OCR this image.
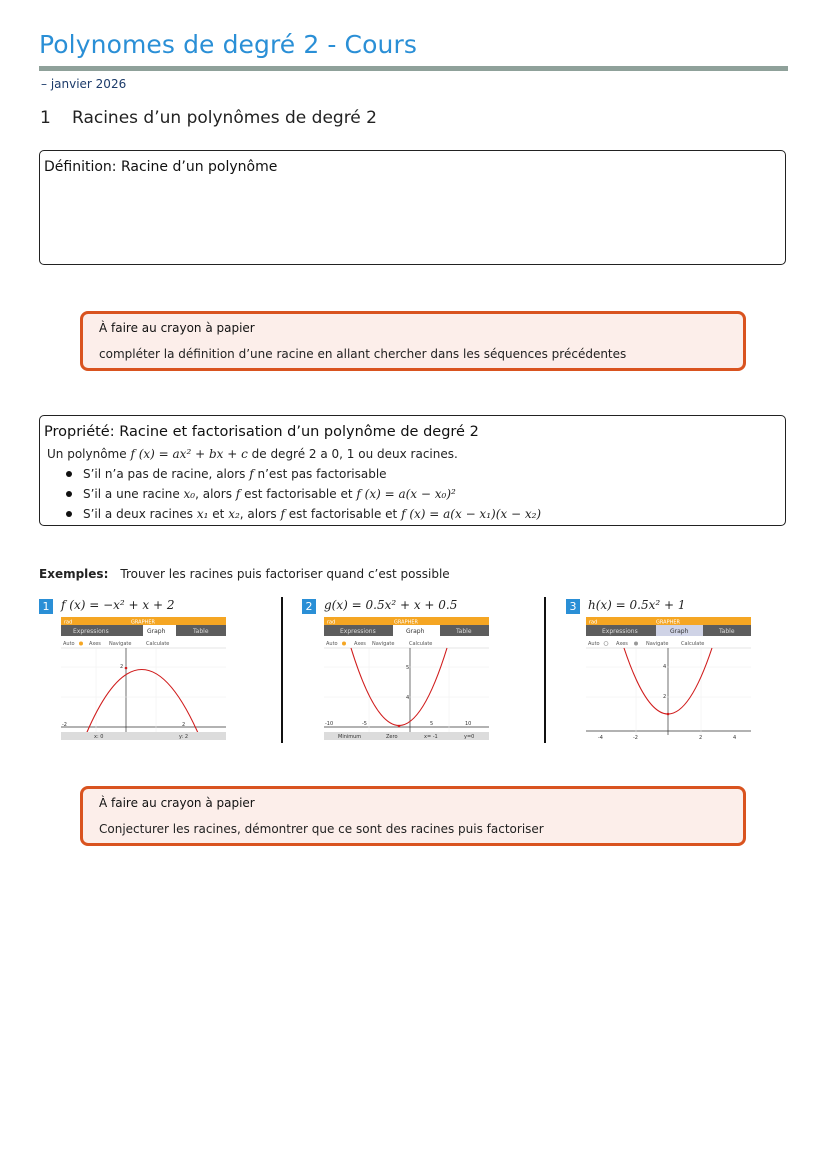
Polynomes de degré 2 - Cours
– janvier 2026
1 Racines d’un polynômes de degré 2
Définition: Racine d’un polynôme
À faire au crayon à papier
compléter la définition d’une racine en allant chercher dans les séquences précédentes
Propriété: Racine et factorisation d’un polynôme de degré 2
Un polynôme f (x) = ax² + bx + c de degré 2 a 0, 1 ou deux racines.
S’il n’a pas de racine, alors f n’est pas factorisable
S’il a une racine x₀, alors f est factorisable et f (x) = a(x − x₀)²
S’il a deux racines x₁ et x₂, alors f est factorisable et f (x) = a(x − x₁)(x − x₂)
Exemples: Trouver les racines puis factoriser quand c’est possible
1 f (x) = −x² + x + 2	2 g(x) = 0.5x² + x + 0.5	3 h(x) = 0.5x² + 1
rad	GRAPHER
Expressions	Graph	Table
Auto	Axes Navigate	Calculate
-2	2
2
x: 0	y: 2
rad	GRAPHER
Expressions	Graph	Table
Auto	Axes Navigate	Calculate
-10	-5	5	10
4
5
Minimum	Zero	x= -1	y=0
rad	GRAPHER
Expressions	Graph	Table
Auto	Axes	Navigate	Calculate
-4	-2	2	4
4
2
À faire au crayon à papier
Conjecturer les racines, démontrer que ce sont des racines puis factoriser
